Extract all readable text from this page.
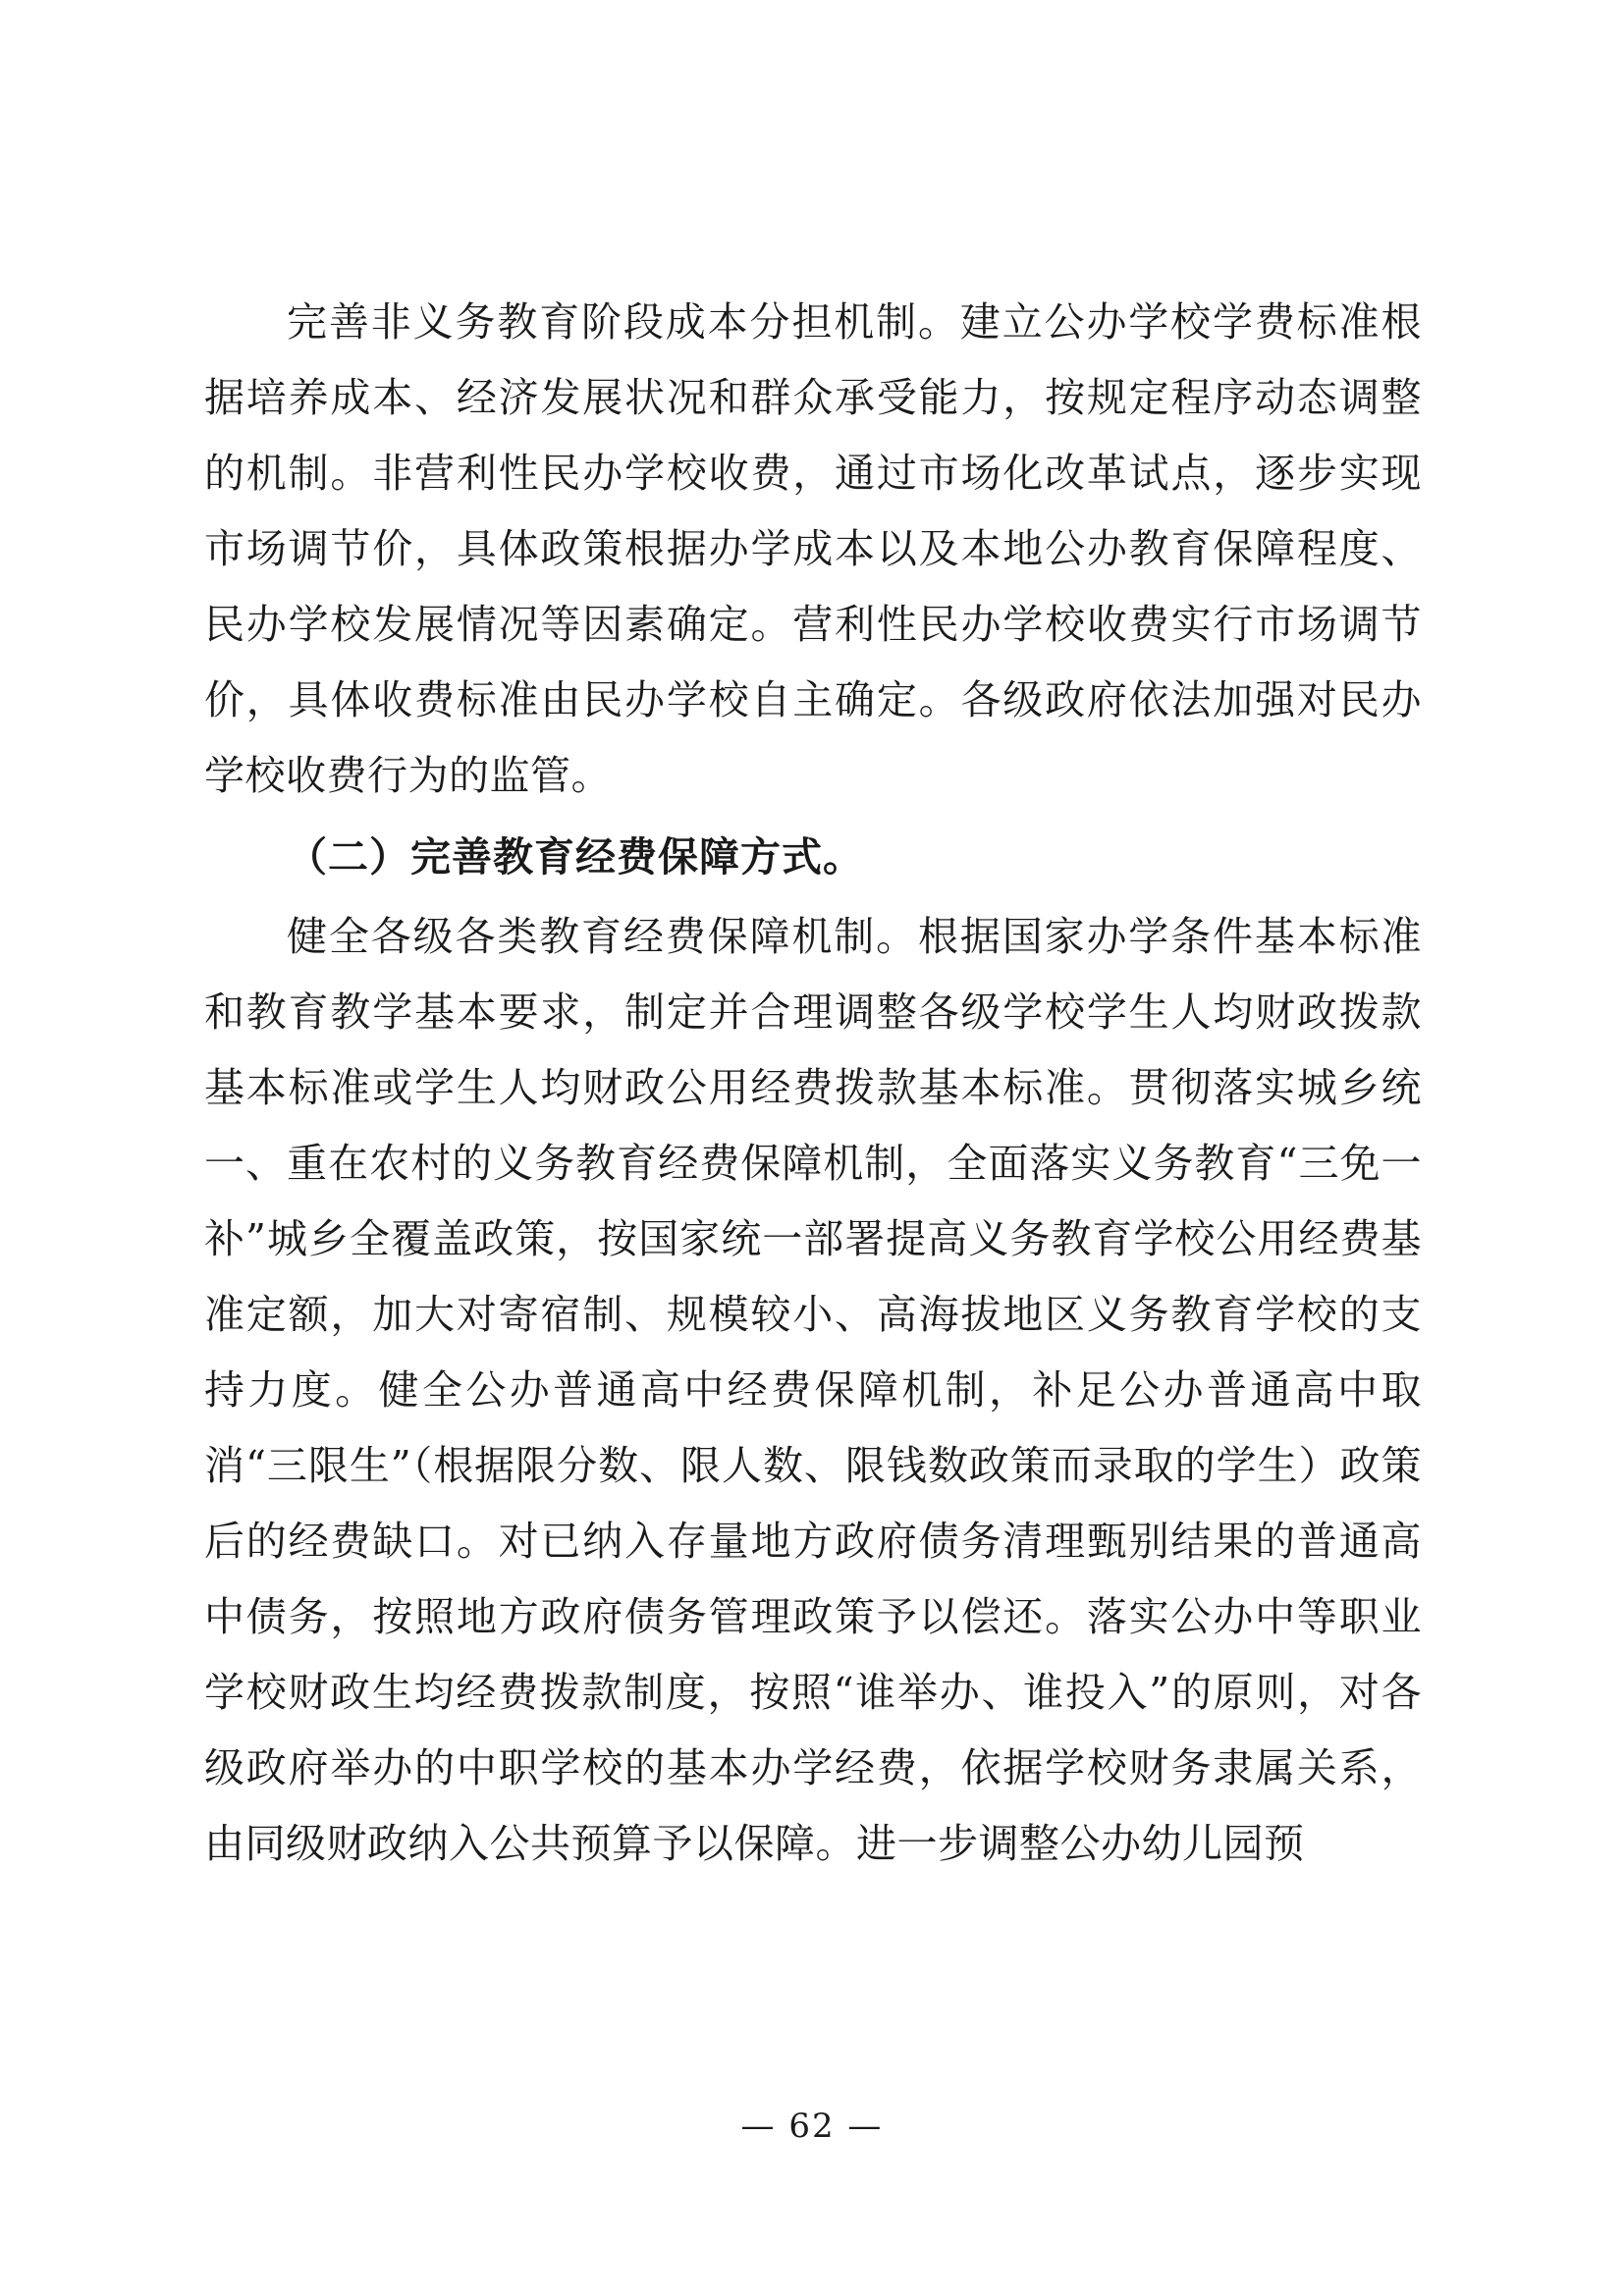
完善非义务教育阶段成本分担机制。建立公办学校学费标准根据培养成本、经济发展状况和群众承受能力，按规定程序动态调整的机制。非营利性民办学校收费，通过市场化改革试点，逐步实现市场调节价，具体政策根据办学成本以及本地公办教育保障程度、民办学校发展情况等因素确定。营利性民办学校收费实行市场调节价，具体收费标准由民办学校自主确定。各级政府依法加强对民办学校收费行为的监管。

（二）完善教育经费保障方式。

健全各级各类教育经费保障机制。根据国家办学条件基本标准和教育教学基本要求，制定并合理调整各级学校学生人均财政拨款基本标准或学生人均财政公用经费拨款基本标准。贯彻落实城乡统一、重在农村的义务教育经费保障机制，全面落实义务教育“三免一补”城乡全覆盖政策，按国家统一部署提高义务教育学校公用经费基准定额，加大对寄宿制、规模较小、高海拔地区义务教育学校的支持力度。健全公办普通高中经费保障机制，补足公办普通高中取消“三限生”（根据限分数、限人数、限钱数政策而录取的学生）政策后的经费缺口。对已纳入存量地方政府债务清理甄别结果的普通高中债务，按照地方政府债务管理政策予以偿还。落实公办中等职业学校财政生均经费拨款制度，按照“谁举办、谁投入”的原则，对各级政府举办的中职学校的基本办学经费，依据学校财务隶属关系，由同级财政纳入公共预算予以保障。进一步调整公办幼儿园预

— 62 —
